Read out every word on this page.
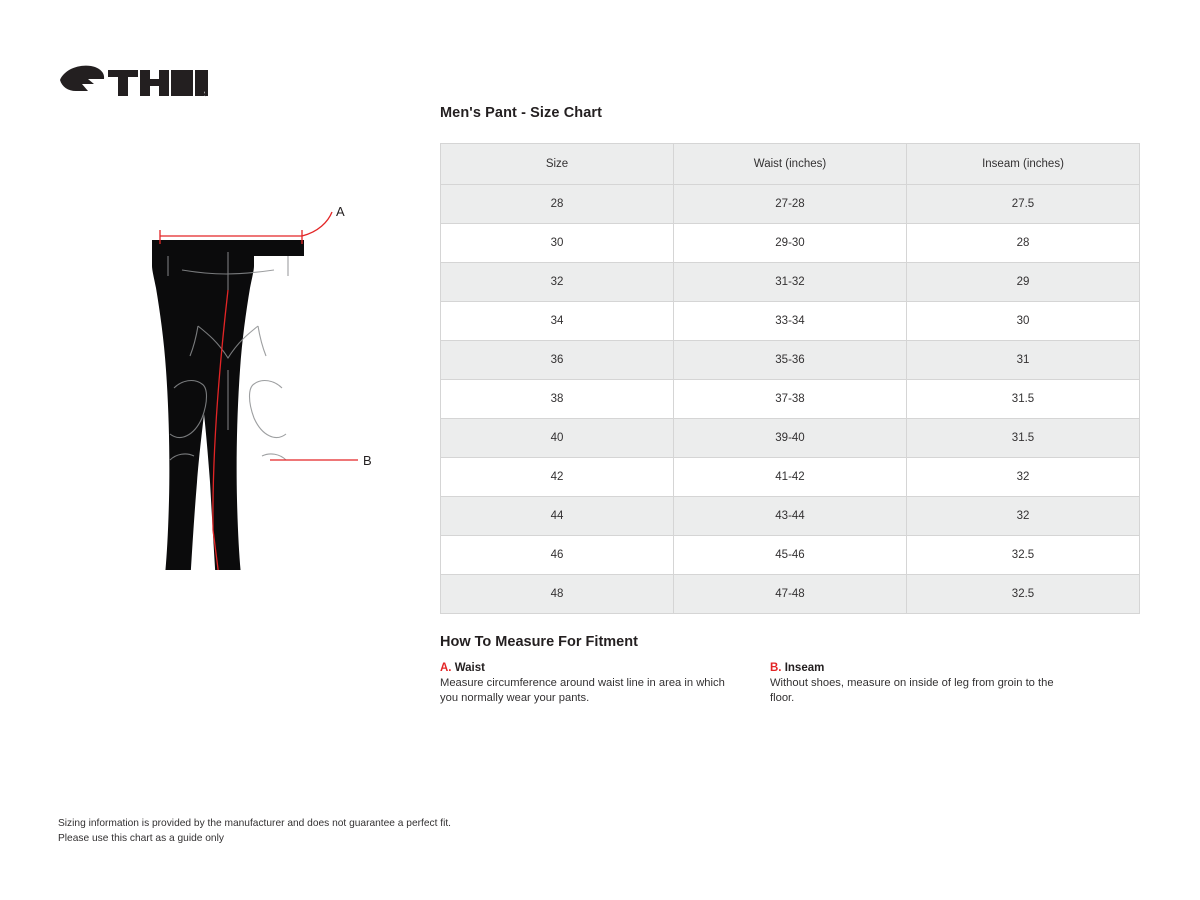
A
B
Men's Pant - Size Chart
Size	Waist (inches)	Inseam (inches)
28	27-28	27.5
30	29-30	28
32	31-32	29
34	33-34	30
36	35-36	31
38	37-38	31.5
40	39-40	31.5
42	41-42	32
44	43-44	32
46	45-46	32.5
48	47-48	32.5
How To Measure For Fitment
A. Waist
Measure circumference around waist line in area in which you normally wear your pants.
B. Inseam
Without shoes, measure on inside of leg from groin to the floor.
Sizing information is provided by the manufacturer and does not guarantee a perfect fit.
Please use this chart as a guide only
